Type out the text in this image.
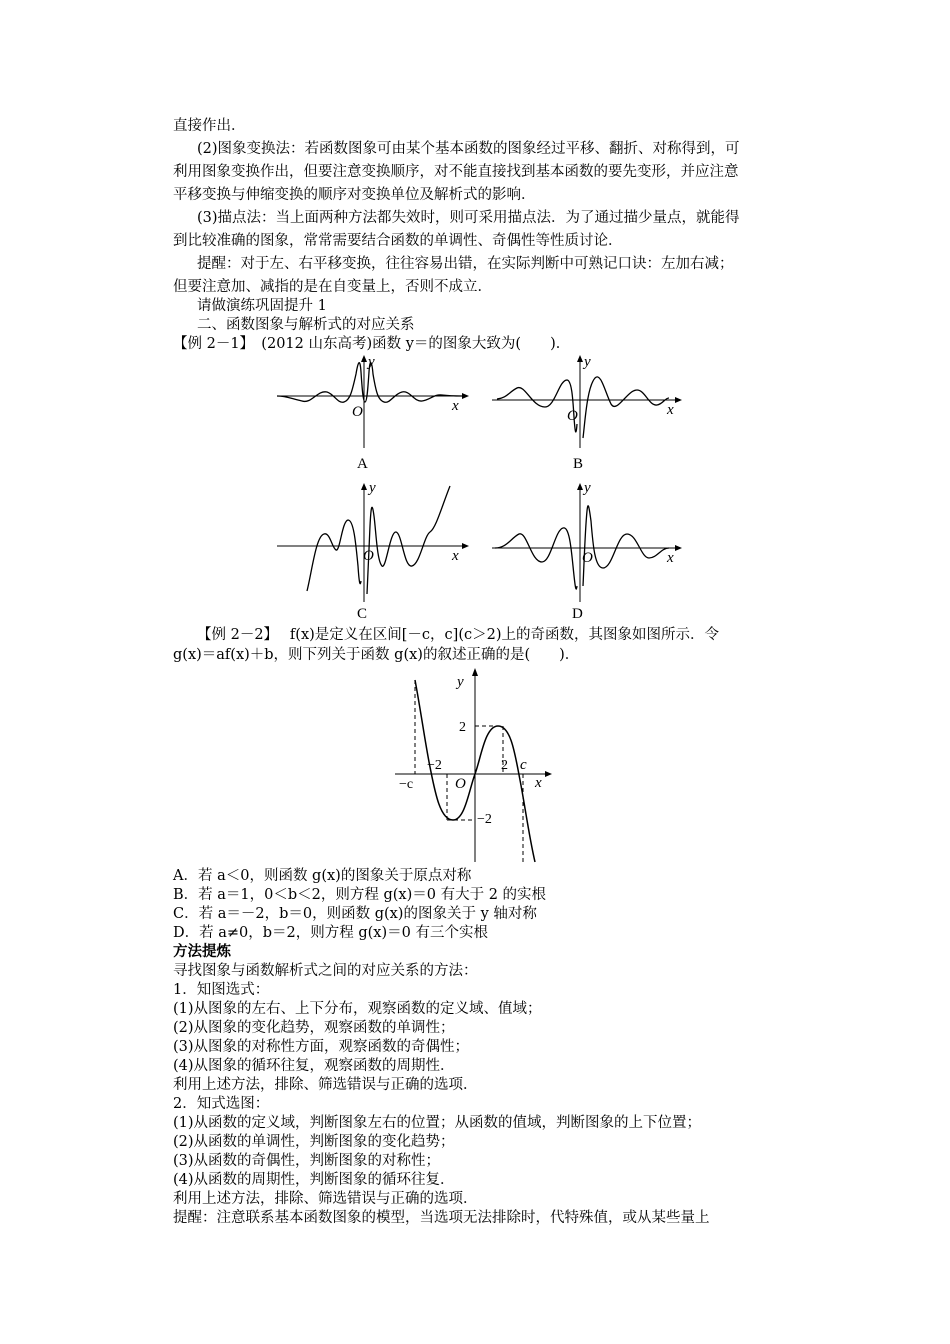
直接作出．
(2)图象变换法：若函数图象可由某个基本函数的图象经过平移、翻折、对称得到，可
利用图象变换作出，但要注意变换顺序，对不能直接找到基本函数的要先变形，并应注意
平移变换与伸缩变换的顺序对变换单位及解析式的影响．
(3)描点法：当上面两种方法都失效时，则可采用描点法．为了通过描少量点，就能得
到比较准确的图象，常常需要结合函数的单调性、奇偶性等性质讨论．
提醒：对于左、右平移变换，往往容易出错，在实际判断中可熟记口诀：左加右减；
但要注意加、减指的是在自变量上，否则不成立．
请做演练巩固提升 1
二、函数图象与解析式的对应关系
【例 2－1】　(2012 山东高考)函数 y＝的图象大致为(　　)．
O
y
x
A
O
y
x
B
O
y
x
C
O
y
x
D
【例 2－2】　 f(x)是定义在区间[－c，c](c＞2)上的奇函数，其图象如图所示．令
g(x)＝af(x)＋b，则下列关于函数 g(x)的叙述正确的是(　　)．
y
x
O
2
−2
−c
2 c
−2
A．若 a＜0，则函数 g(x)的图象关于原点对称
B．若 a＝1，0＜b＜2，则方程 g(x)＝0 有大于 2 的实根
C．若 a＝－2，b＝0，则函数 g(x)的图象关于 y 轴对称
D．若 a≠0，b＝2，则方程 g(x)＝0 有三个实根
方法提炼
寻找图象与函数解析式之间的对应关系的方法：
1．知图选式：
(1)从图象的左右、上下分布，观察函数的定义域、值域；
(2)从图象的变化趋势，观察函数的单调性；
(3)从图象的对称性方面，观察函数的奇偶性；
(4)从图象的循环往复，观察函数的周期性．
利用上述方法，排除、筛选错误与正确的选项．
2．知式选图：
(1)从函数的定义域，判断图象左右的位置；从函数的值域，判断图象的上下位置；
(2)从函数的单调性，判断图象的变化趋势；
(3)从函数的奇偶性，判断图象的对称性；
(4)从函数的周期性，判断图象的循环往复．
利用上述方法，排除、筛选错误与正确的选项．
提醒：注意联系基本函数图象的模型，当选项无法排除时，代特殊值，或从某些量上
